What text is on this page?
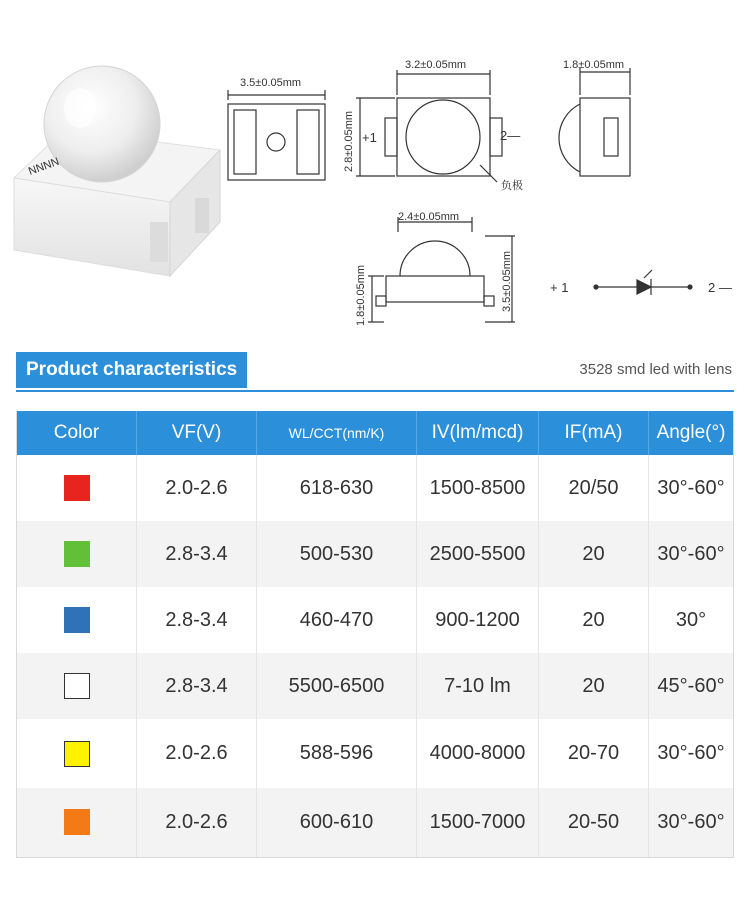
NNNN
3.5±0.05mm
3.2±0.05mm
2.8±0.05mm +1	2—
负极
1.8±0.05mm
2.4±0.05mm
1.8±0.05mm	3.5±0.05mm	+ 1	2 —
Product characteristics	3528 smd led with lens
Color	VF(V)	WL/CCT(nm/K)	IV(lm/mcd)	IF(mA)	Angle(°)
	2.0-2.6	618-630	1500-8500	20/50	30°-60°
	2.8-3.4	500-530	2500-5500	20	30°-60°
	2.8-3.4	460-470	900-1200	20	30°
	2.8-3.4	5500-6500	7-10 lm	20	45°-60°
	2.0-2.6	588-596	4000-8000	20-70	30°-60°
	2.0-2.6	600-610	1500-7000	20-50	30°-60°
